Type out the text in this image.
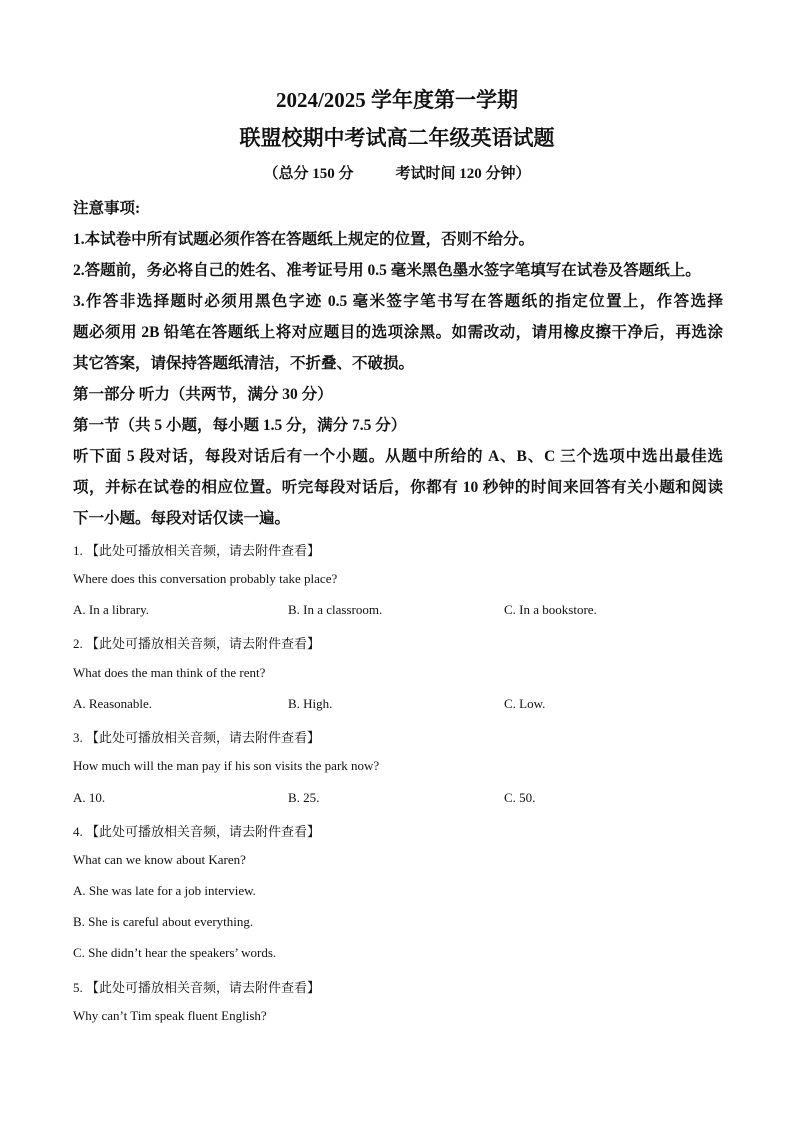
2024/2025 学年度第一学期
联盟校期中考试高二年级英语试题
（总分 150 分	考试时间 120 分钟）
注意事项:
1.本试卷中所有试题必须作答在答题纸上规定的位置，否则不给分。
2.答题前，务必将自己的姓名、准考证号用 0.5 毫米黑色墨水签字笔填写在试卷及答题纸上。
3.作答非选择题时必须用黑色字迹 0.5 毫米签字笔书写在答题纸的指定位置上，作答选择
题必须用 2B 铅笔在答题纸上将对应题目的选项涂黑。如需改动，请用橡皮擦干净后，再选涂
其它答案，请保持答题纸清洁，不折叠、不破损。
第一部分 听力（共两节，满分 30 分）
第一节（共 5 小题，每小题 1.5 分，满分 7.5 分）
听下面 5 段对话，每段对话后有一个小题。从题中所给的 A、B、C 三个选项中选出最佳选
项，并标在试卷的相应位置。听完每段对话后，你都有 10 秒钟的时间来回答有关小题和阅读
下一小题。每段对话仅读一遍。
1. 【此处可播放相关音频，请去附件查看】
Where does this conversation probably take place?
A. In a library.	B. In a classroom.	C. In a bookstore.
2. 【此处可播放相关音频，请去附件查看】
What does the man think of the rent?
A. Reasonable.	B. High.	C. Low.
3. 【此处可播放相关音频，请去附件查看】
How much will the man pay if his son visits the park now?
A. 10.	B. 25.	C. 50.
4. 【此处可播放相关音频，请去附件查看】
What can we know about Karen?
A. She was late for a job interview.
B. She is careful about everything.
C. She didn’t hear the speakers’ words.
5. 【此处可播放相关音频，请去附件查看】
Why can’t Tim speak fluent English?
